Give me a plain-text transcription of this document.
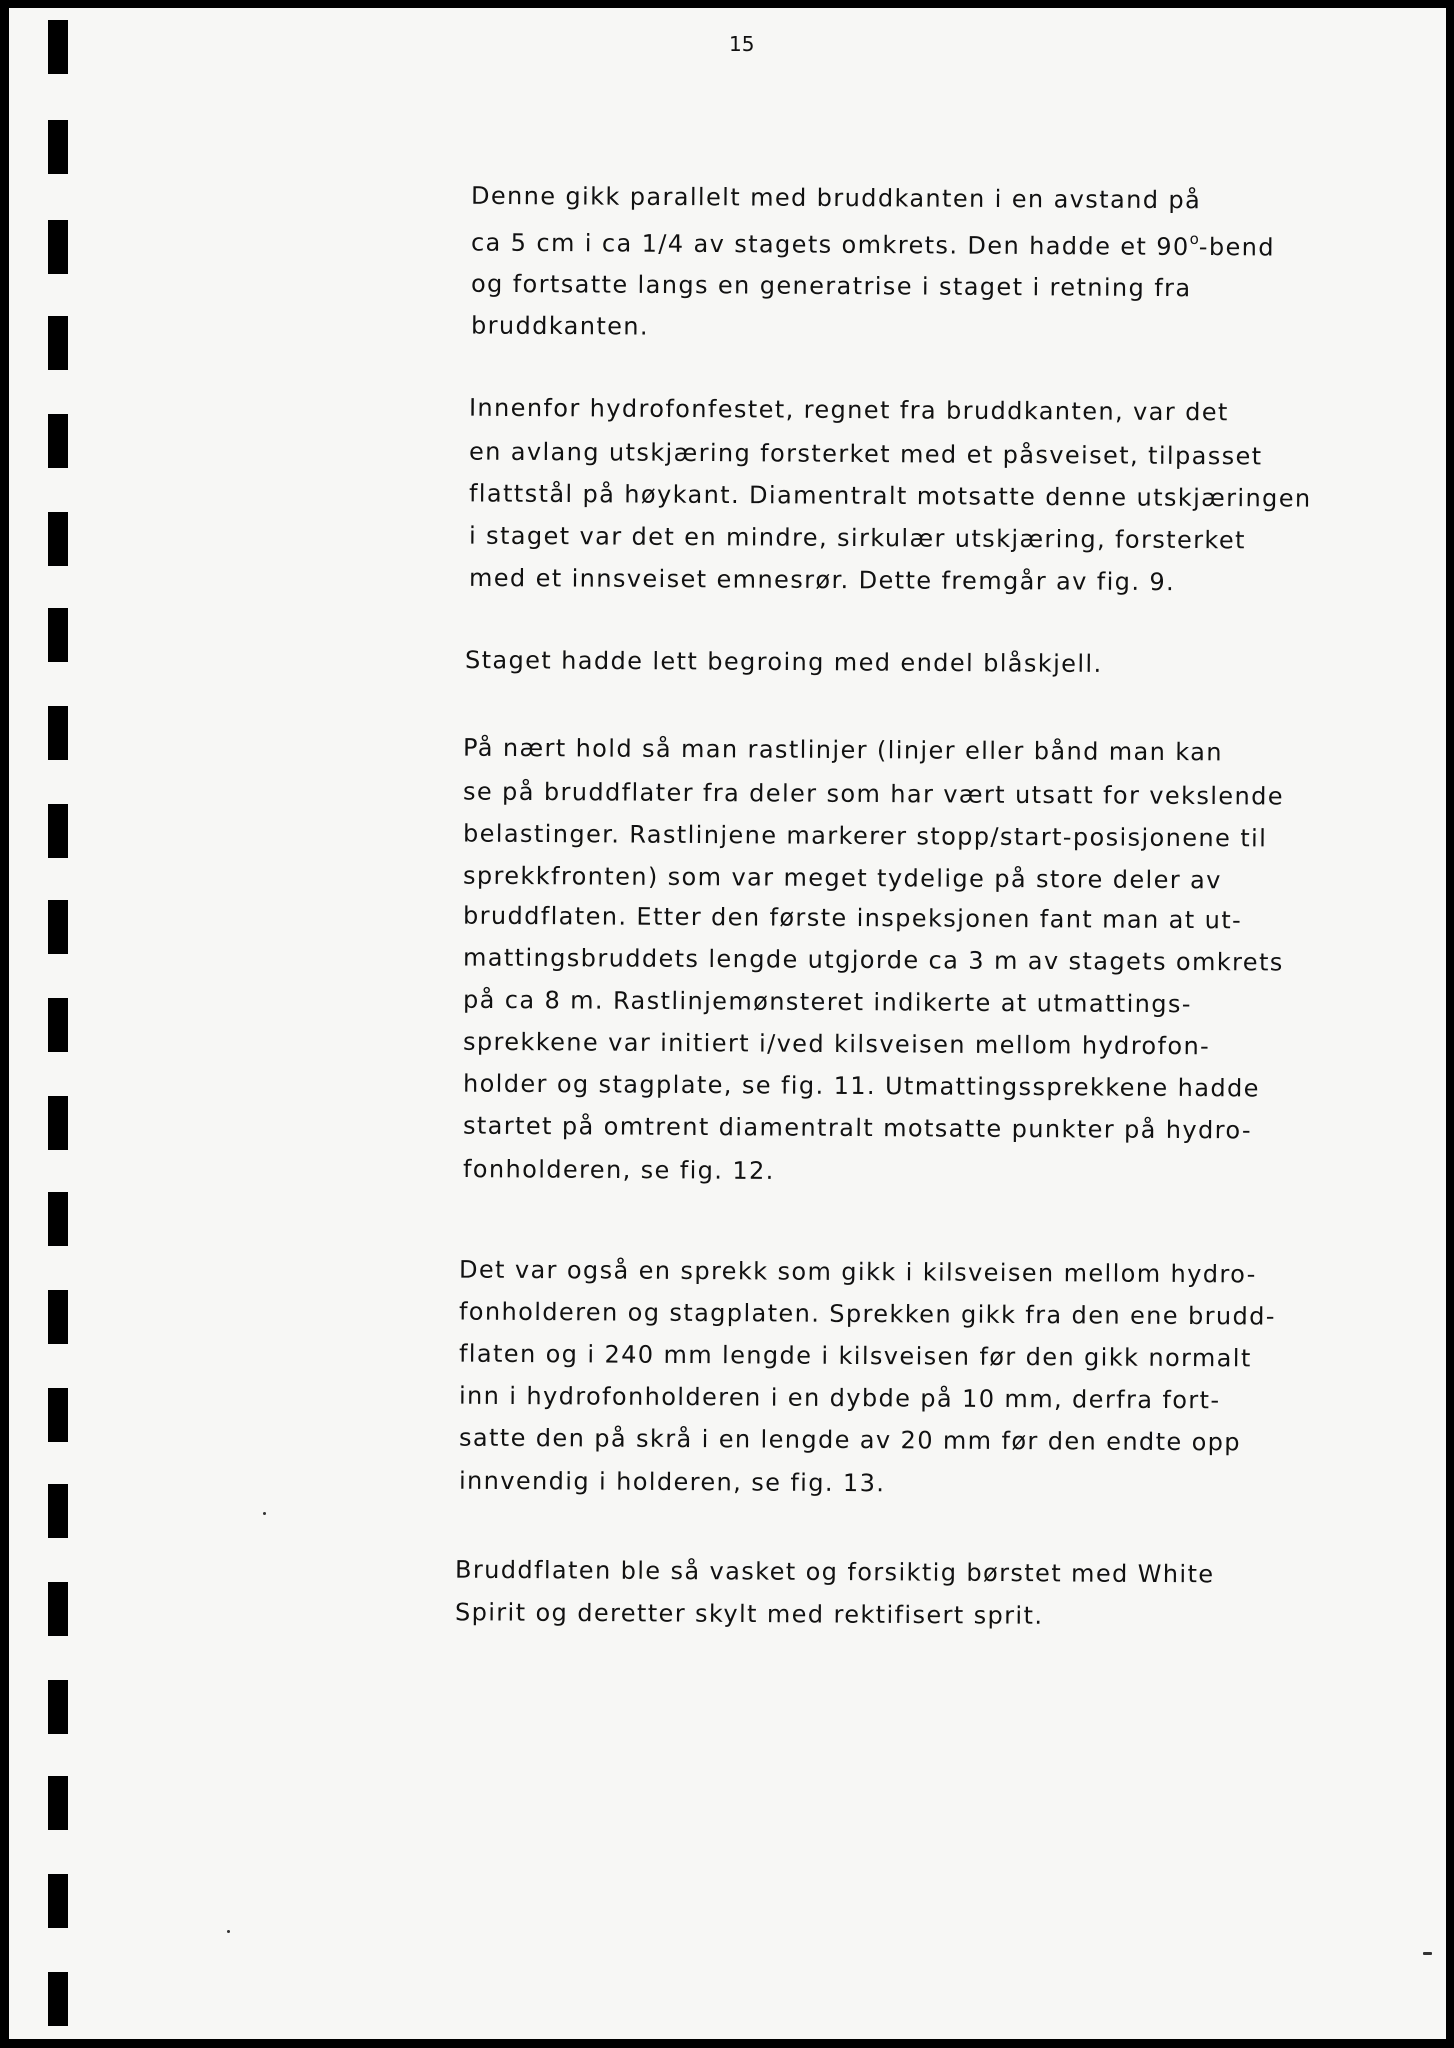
15
Denne gikk parallelt med bruddkanten i en avstand på
ca 5 cm i ca 1/4 av stagets omkrets. Den hadde et 90$^o$-bend
og fortsatte langs en generatrise i staget i retning fra
bruddkanten.
Innenfor hydrofonfestet, regnet fra bruddkanten, var det
en avlang utskjæring forsterket med et påsveiset, tilpasset
flattstål på høykant. Diamentralt motsatte denne utskjæringen
i staget var det en mindre, sirkulær utskjæring, forsterket
med et innsveiset emnesrør. Dette fremgår av fig. 9.
Staget hadde lett begroing med endel blåskjell.
På nært hold så man rastlinjer (linjer eller bånd man kan
se på bruddflater fra deler som har vært utsatt for vekslende
belastinger. Rastlinjene markerer stopp/start-posisjonene til
sprekkfronten) som var meget tydelige på store deler av
bruddflaten. Etter den første inspeksjonen fant man at ut-
mattingsbruddets lengde utgjorde ca 3 m av stagets omkrets
på ca 8 m. Rastlinjemønsteret indikerte at utmattings-
sprekkene var initiert i/ved kilsveisen mellom hydrofon-
holder og stagplate, se fig. 11. Utmattingssprekkene hadde
startet på omtrent diamentralt motsatte punkter på hydro-
fonholderen, se fig. 12.
Det var også en sprekk som gikk i kilsveisen mellom hydro-
fonholderen og stagplaten. Sprekken gikk fra den ene brudd-
flaten og i 240 mm lengde i kilsveisen før den gikk normalt
inn i hydrofonholderen i en dybde på 10 mm, derfra fort-
satte den på skrå i en lengde av 20 mm før den endte opp
innvendig i holderen, se fig. 13.
Bruddflaten ble så vasket og forsiktig børstet med White
Spirit og deretter skylt med rektifisert sprit.
